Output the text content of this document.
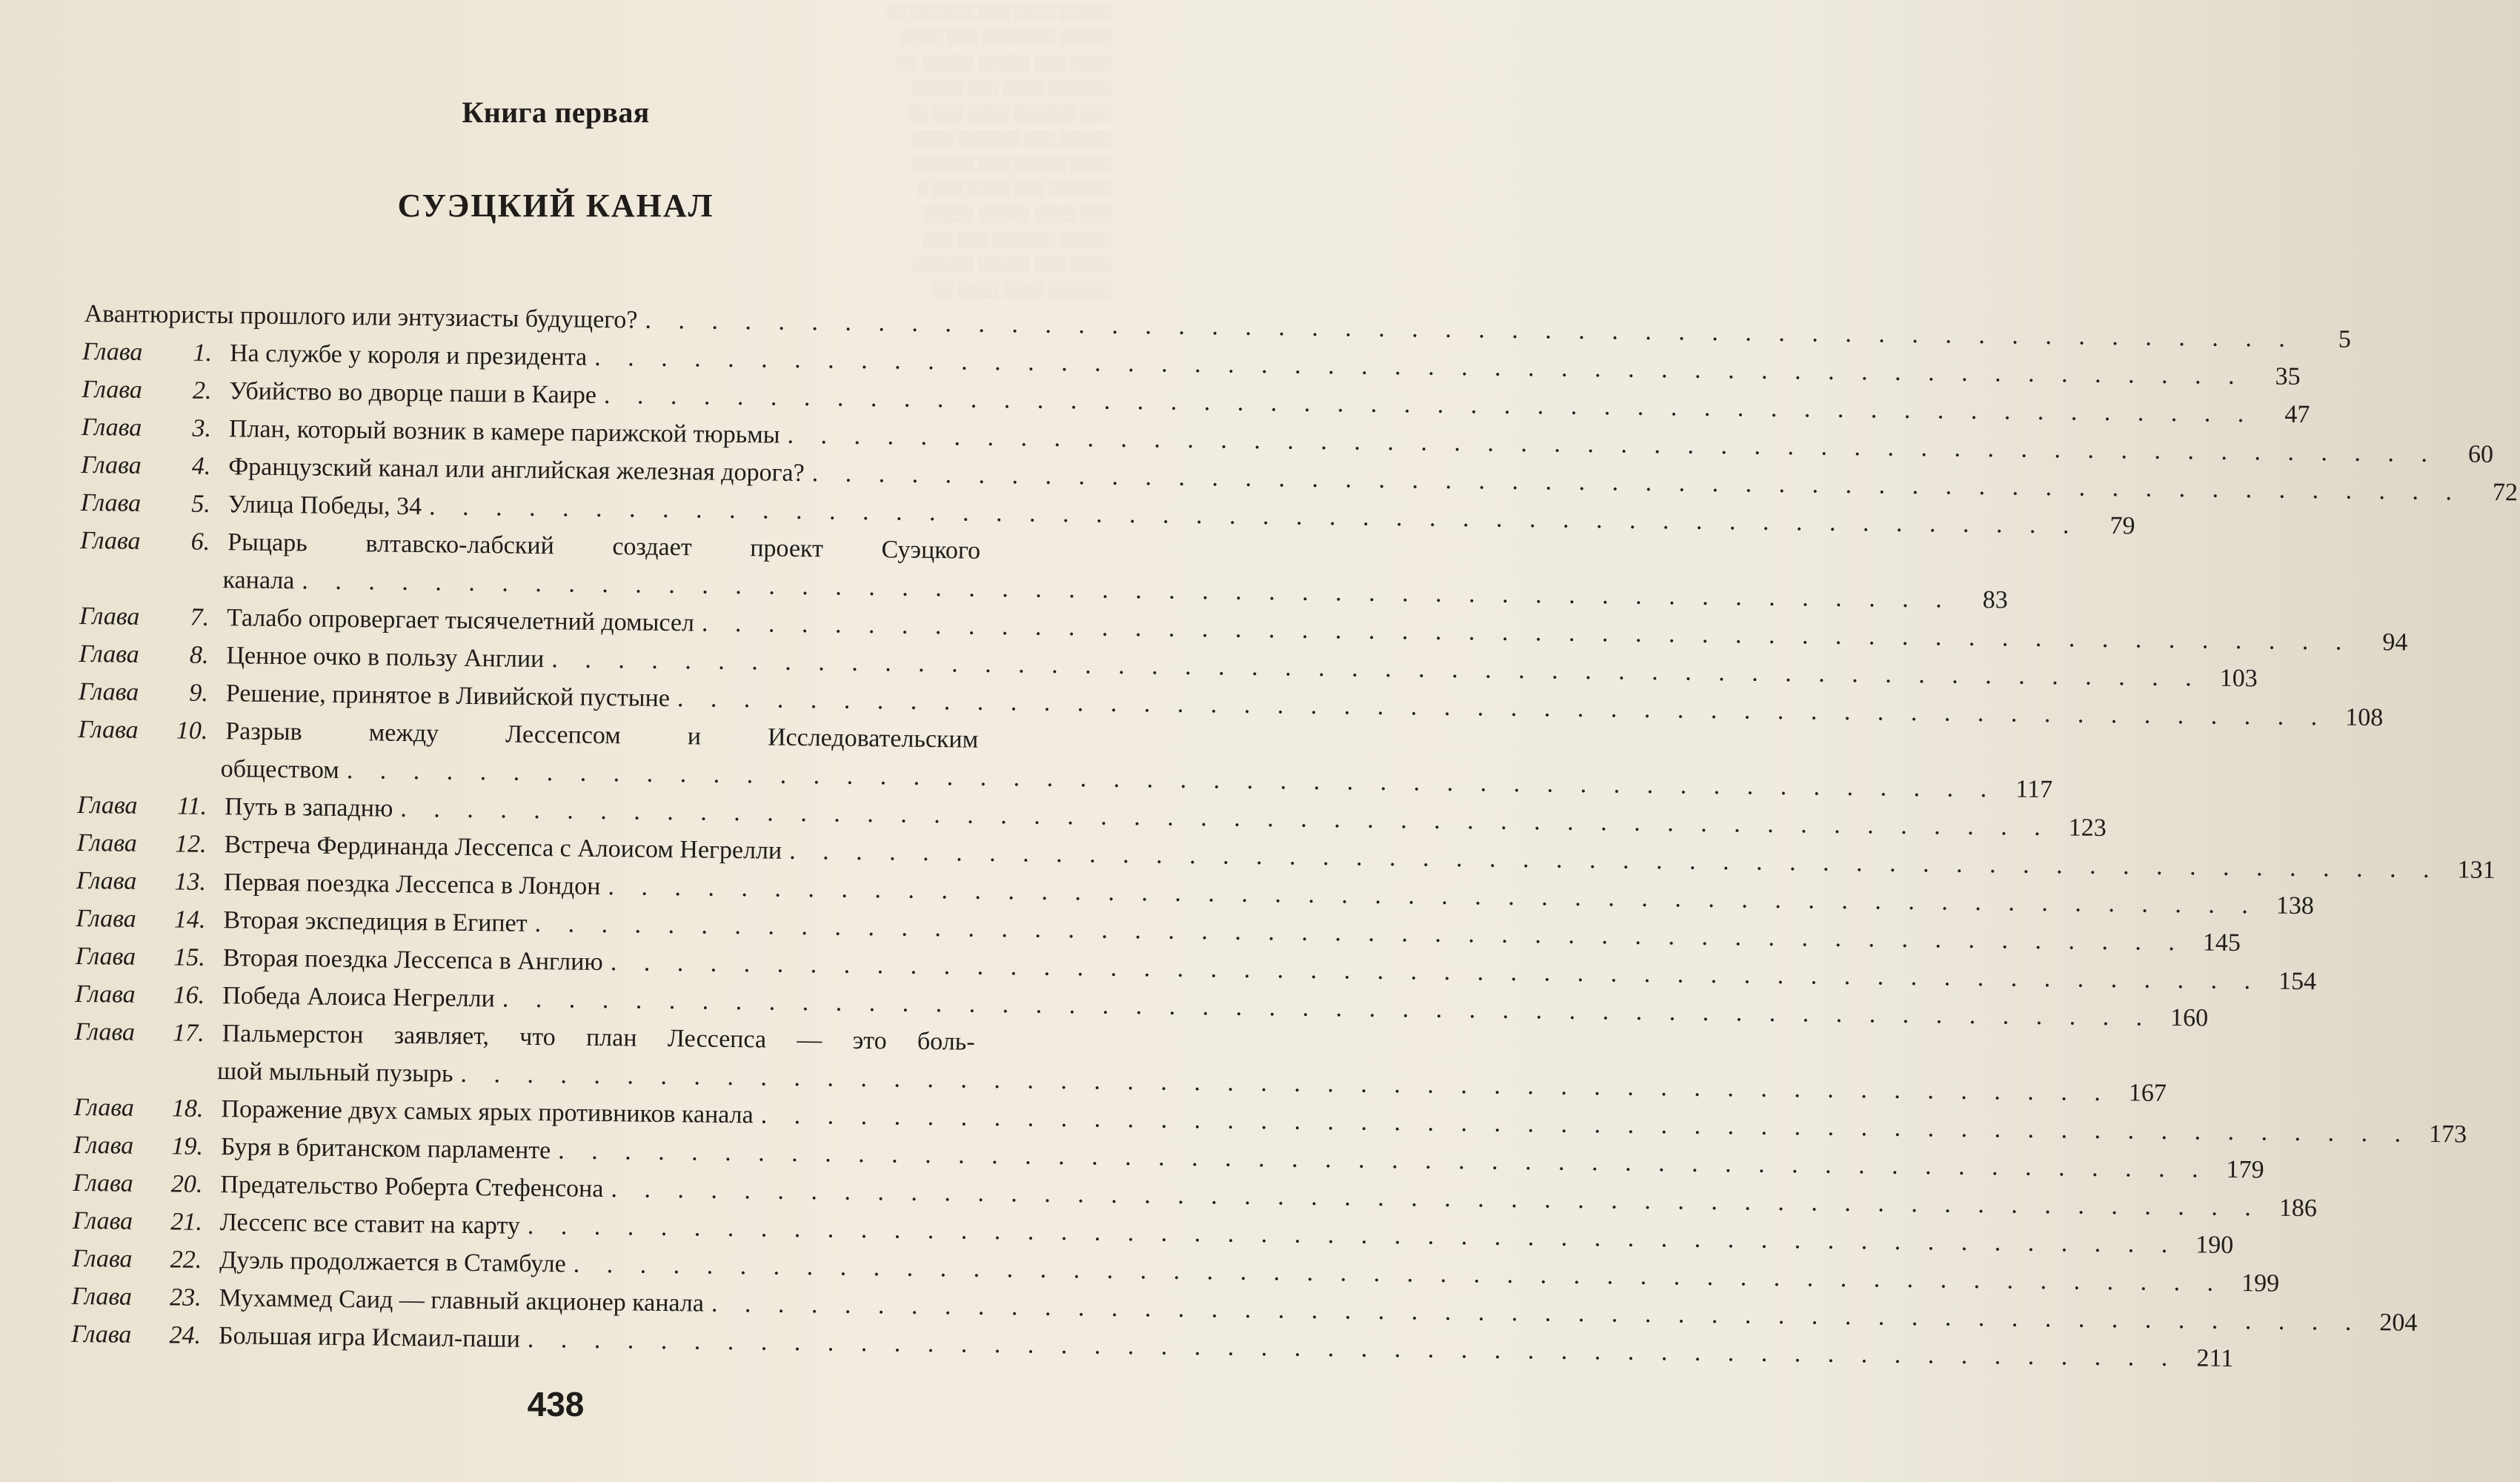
░░░░░ ░░░░ ░░░ ░░░░░░ ░░
░░░░░ ░░░░░░░ ░░░ ░░░░
░░░░ ░░░ ░░░░░ ░░░░░ ░░
░░░░░░ ░░░░ ░░░ ░░░░░
░░░ ░░░░░░ ░░░░ ░░░ ░░
░░░░░ ░░░ ░░░░░░ ░░░░
░░░░ ░░░░░ ░░░ ░░░░░░
░░░░░░ ░░░ ░░░░ ░░░ ░
░░░ ░░░░ ░░░░░ ░░░░░
░░░░░ ░░░░░░ ░░░ ░░░
░░░░ ░░░ ░░░░░ ░░░░░░
░░░░░░ ░░░░ ░░░░ ░░
Книга первая
СУЭЦКИЙ КАНАЛ
Авантюристы прошлого или энтузиасты будущего? . . . . . . . . . . . . . . . . . . . . . . . . . . . . . . . . . . . . . . . . . . . . . . . . . .	5
Глава	1. На службе у короля и президента . . . . . . . . . . . . . . . . . . . . . . . . . . . . . . . . . . . . . . . . . . . . . . . . . .	35
Глава	2. Убийство во дворце паши в Каире . . . . . . . . . . . . . . . . . . . . . . . . . . . . . . . . . . . . . . . . . . . . . . . . . .	47
Глава	3. План, который возник в камере парижской тюрьмы . . . . . . . . . . . . . . . . . . . . . . . . . . . . . . . . . . . . . . . . . . . . . . . . . .	60
Глава	4. Французский канал или английская железная дорога? . . . . . . . . . . . . . . . . . . . . . . . . . . . . . . . . . . . . . . . . . . . . . . . . . .	72
Глава	5. Улица Победы, 34 . . . . . . . . . . . . . . . . . . . . . . . . . . . . . . . . . . . . . . . . . . . . . . . . . .	79
Глава	6. Рыцарь влтавско-лабский создает проект Суэцкого
канала . . . . . . . . . . . . . . . . . . . . . . . . . . . . . . . . . . . . . . . . . . . . . . . . . .	83
Глава	7. Талабо опровергает тысячелетний домысел . . . . . . . . . . . . . . . . . . . . . . . . . . . . . . . . . . . . . . . . . . . . . . . . . .	94
Глава	8. Ценное очко в пользу Англии . . . . . . . . . . . . . . . . . . . . . . . . . . . . . . . . . . . . . . . . . . . . . . . . . . 103
Глава	9. Решение, принятое в Ливийской пустыне . . . . . . . . . . . . . . . . . . . . . . . . . . . . . . . . . . . . . . . . . . . . . . . . . . 108
Глава	10. Разрыв между Лессепсом и Исследовательским
обществом . . . . . . . . . . . . . . . . . . . . . . . . . . . . . . . . . . . . . . . . . . . . . . . . . . 117
Глава	11. Путь в западню . . . . . . . . . . . . . . . . . . . . . . . . . . . . . . . . . . . . . . . . . . . . . . . . . . 123
Глава	12. Встреча Фердинанда Лессепса с Алоисом Негрелли . . . . . . . . . . . . . . . . . . . . . . . . . . . . . . . . . . . . . . . . . . . . . . . . . . 131
Глава	13. Первая поездка Лессепса в Лондон . . . . . . . . . . . . . . . . . . . . . . . . . . . . . . . . . . . . . . . . . . . . . . . . . . 138
Глава	14. Вторая экспедиция в Египет . . . . . . . . . . . . . . . . . . . . . . . . . . . . . . . . . . . . . . . . . . . . . . . . . . 145
Глава	15. Вторая поездка Лессепса в Англию . . . . . . . . . . . . . . . . . . . . . . . . . . . . . . . . . . . . . . . . . . . . . . . . . . 154
Глава	16. Победа Алоиса Негрелли . . . . . . . . . . . . . . . . . . . . . . . . . . . . . . . . . . . . . . . . . . . . . . . . . . 160
Глава	17. Пальмерстон заявляет, что план Лессепса — это боль-
шой мыльный пузырь . . . . . . . . . . . . . . . . . . . . . . . . . . . . . . . . . . . . . . . . . . . . . . . . . . 167
Глава	18. Поражение двух самых ярых противников канала . . . . . . . . . . . . . . . . . . . . . . . . . . . . . . . . . . . . . . . . . . . . . . . . . . 173
Глава	19. Буря в британском парламенте . . . . . . . . . . . . . . . . . . . . . . . . . . . . . . . . . . . . . . . . . . . . . . . . . . 179
Глава	20. Предательство Роберта Стефенсона . . . . . . . . . . . . . . . . . . . . . . . . . . . . . . . . . . . . . . . . . . . . . . . . . . 186
Глава	21. Лессепс все ставит на карту . . . . . . . . . . . . . . . . . . . . . . . . . . . . . . . . . . . . . . . . . . . . . . . . . . 190
Глава	22. Дуэль продолжается в Стамбуле . . . . . . . . . . . . . . . . . . . . . . . . . . . . . . . . . . . . . . . . . . . . . . . . . . 199
Глава	23. Мухаммед Саид — главный акционер канала . . . . . . . . . . . . . . . . . . . . . . . . . . . . . . . . . . . . . . . . . . . . . . . . . . 204
Глава	24. Большая игра Исмаил-паши . . . . . . . . . . . . . . . . . . . . . . . . . . . . . . . . . . . . . . . . . . . . . . . . . . 211
438
